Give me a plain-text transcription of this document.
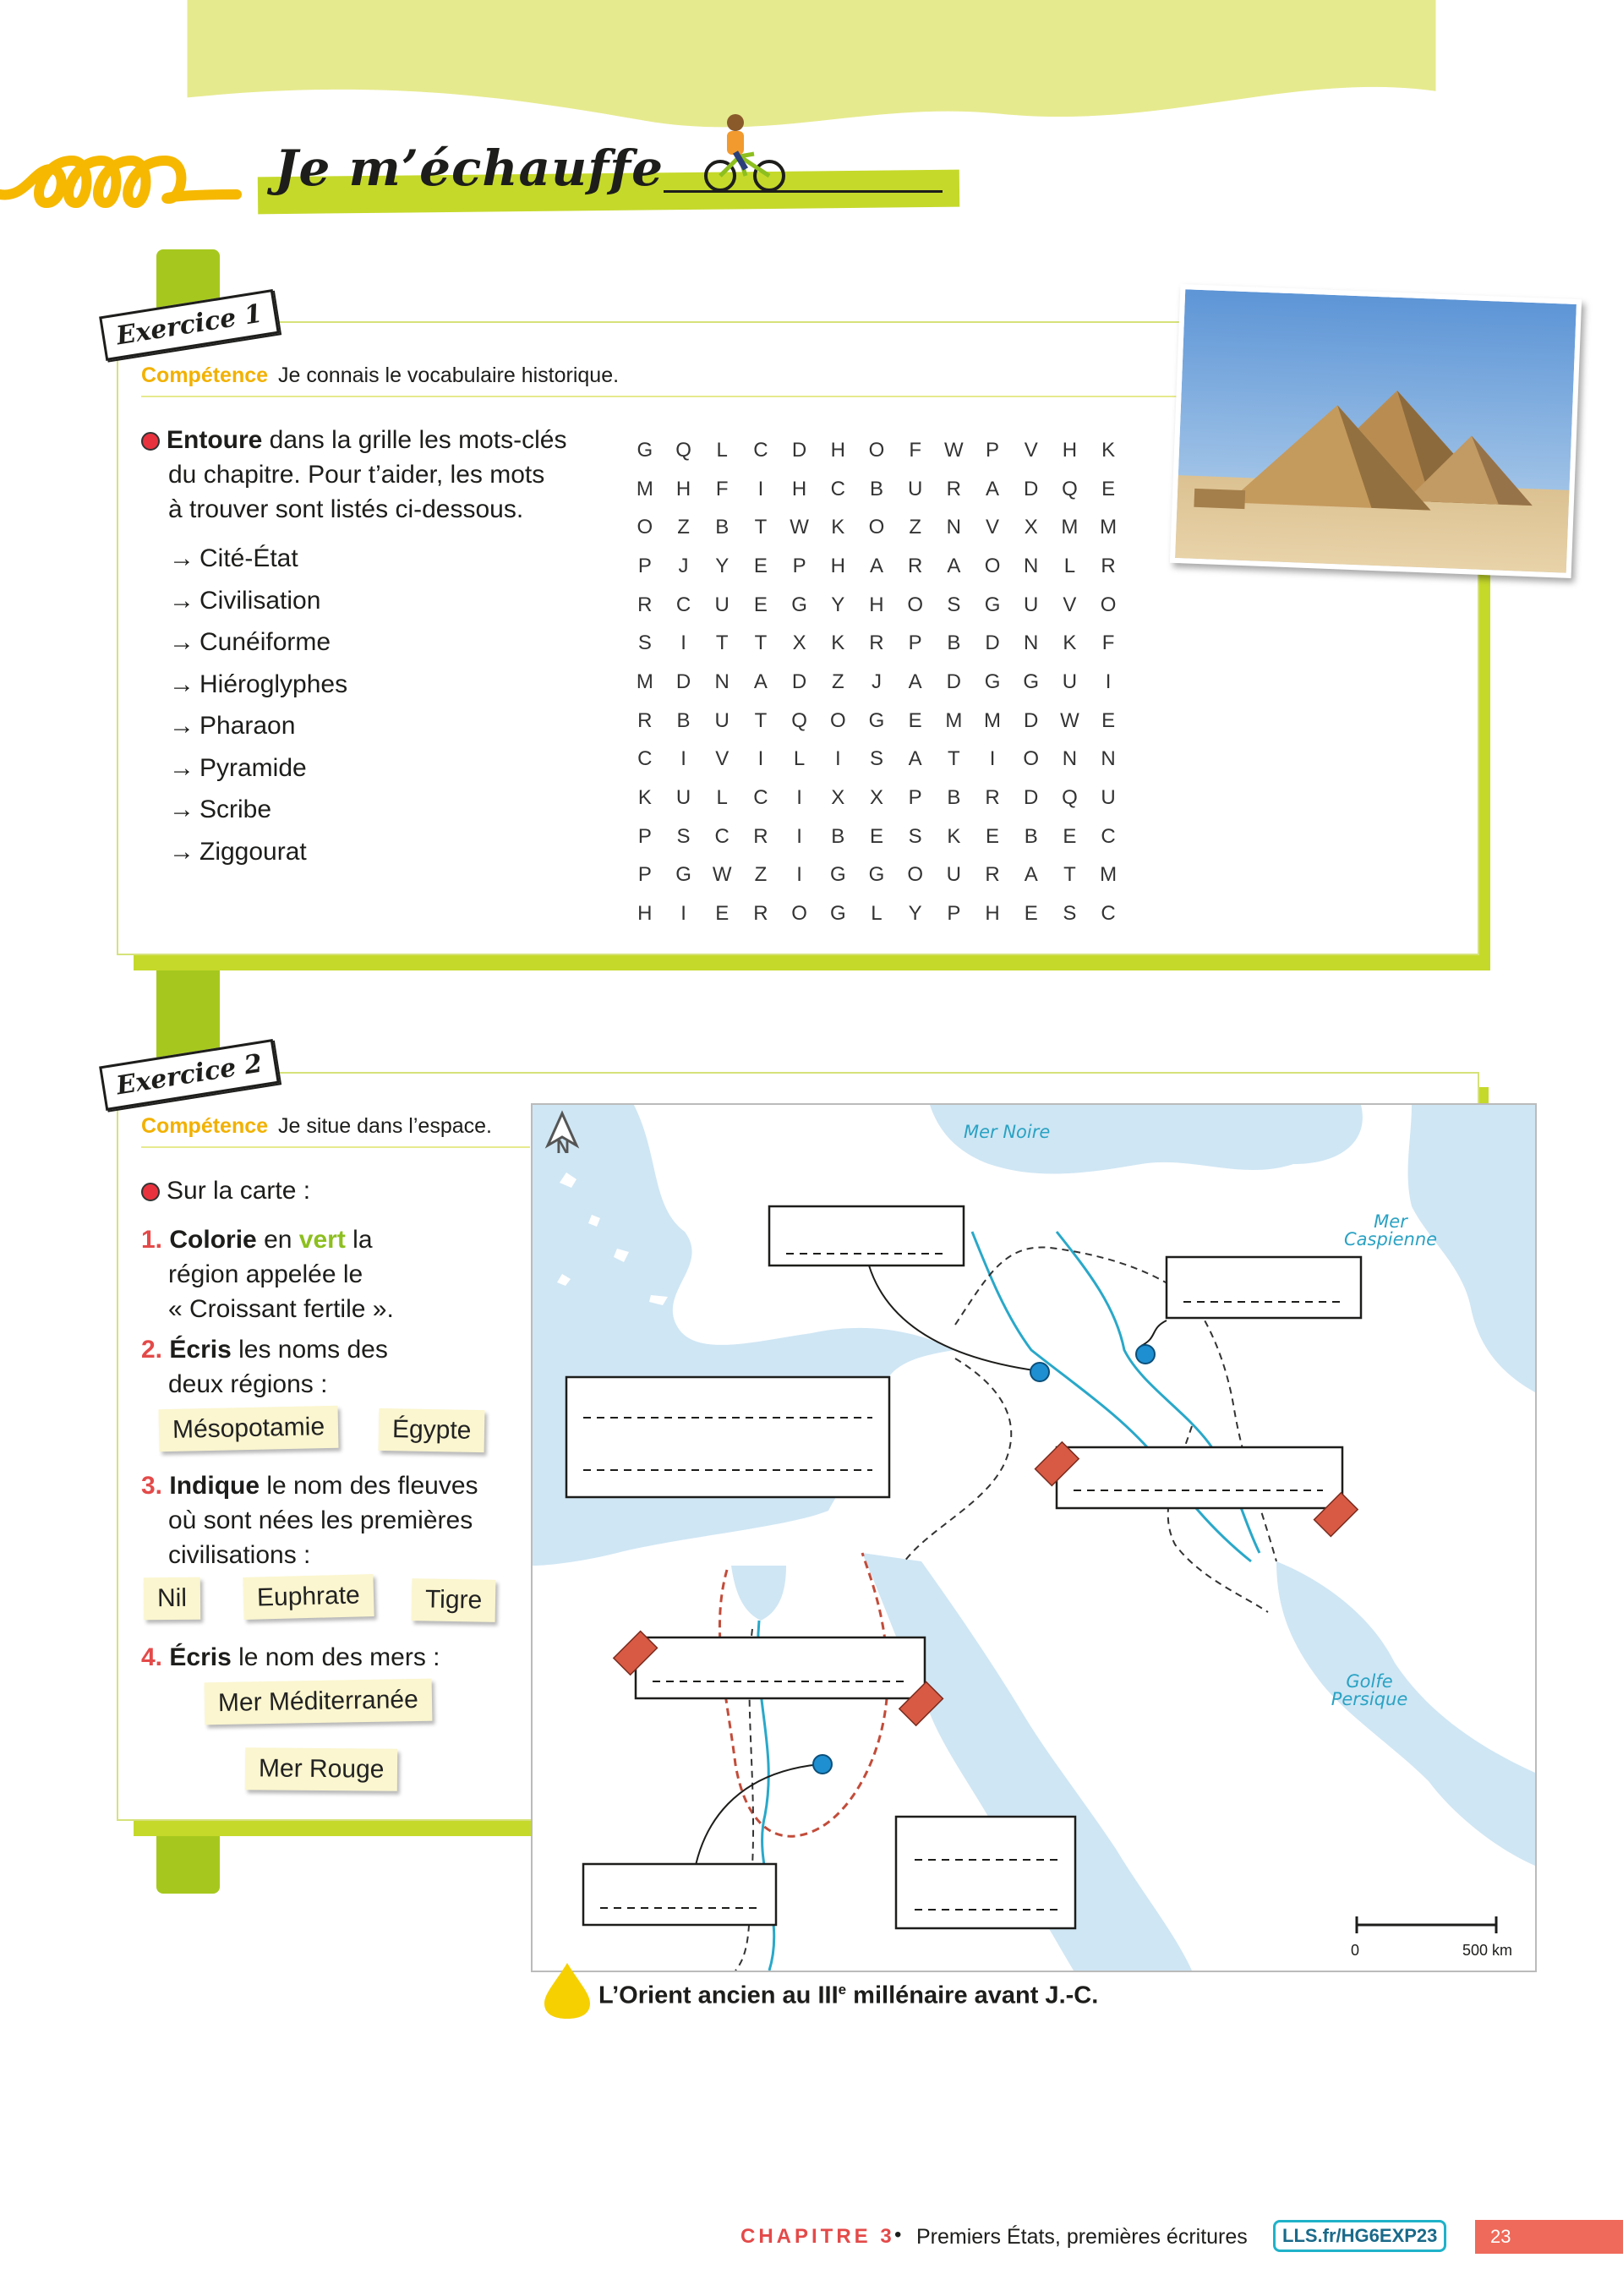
Je m’échauffe
Exercice 1
Compétence Je connais le vocabulaire historique.
Entoure dans la grille les mots-clés
du chapitre. Pour t’aider, les mots
à trouver sont listés ci-dessous.
→ Cité-État
→ Civilisation
→ Cunéiforme
→ Hiéroglyphes
→ Pharaon
→ Pyramide
→ Scribe
→ Ziggourat
G	Q	L	C	D	H	O	F	W	P	V	H	K
M	H	F	I	H	C	B	U	R	A	D	Q	E
O	Z	B	T	W	K	O	Z	N	V	X	M	M
P	J	Y	E	P	H	A	R	A	O	N	L	R
R	C	U	E	G	Y	H	O	S	G	U	V	O
S	I	T	T	X	K	R	P	B	D	N	K	F
M	D	N	A	D	Z	J	A	D	G	G	U	I
R	B	U	T	Q	O	G	E	M	M	D	W	E
C	I	V	I	L	I	S	A	T	I	O	N	N
K	U	L	C	I	X	X	P	B	R	D	Q	U
P	S	C	R	I	B	E	S	K	E	B	E	C
P	G	W	Z	I	G	G	O	U	R	A	T	M
H	I	E	R	O	G	L	Y	P	H	E	S	C
Exercice 2
Compétence Je situe dans l’espace.
Sur la carte :
1. Colorie en vert la
région appelée le
« Croissant fertile ».
2. Écris les noms des
deux régions :
Mésopotamie	Égypte
3. Indique le nom des fleuves
où sont nées les premières
civilisations :
Nil	Euphrate	Tigre
4. Écris le nom des mers :
Mer Méditerranée
Mer Rouge
N
Mer Noire
Mer
Caspienne
Golfe
Persique
0	500 km
L’Orient ancien au IIIe millénaire avant J.-C.
CHAPITRE 3 • Premiers États, premières écritures	LLS.fr/HG6EXP23	23
